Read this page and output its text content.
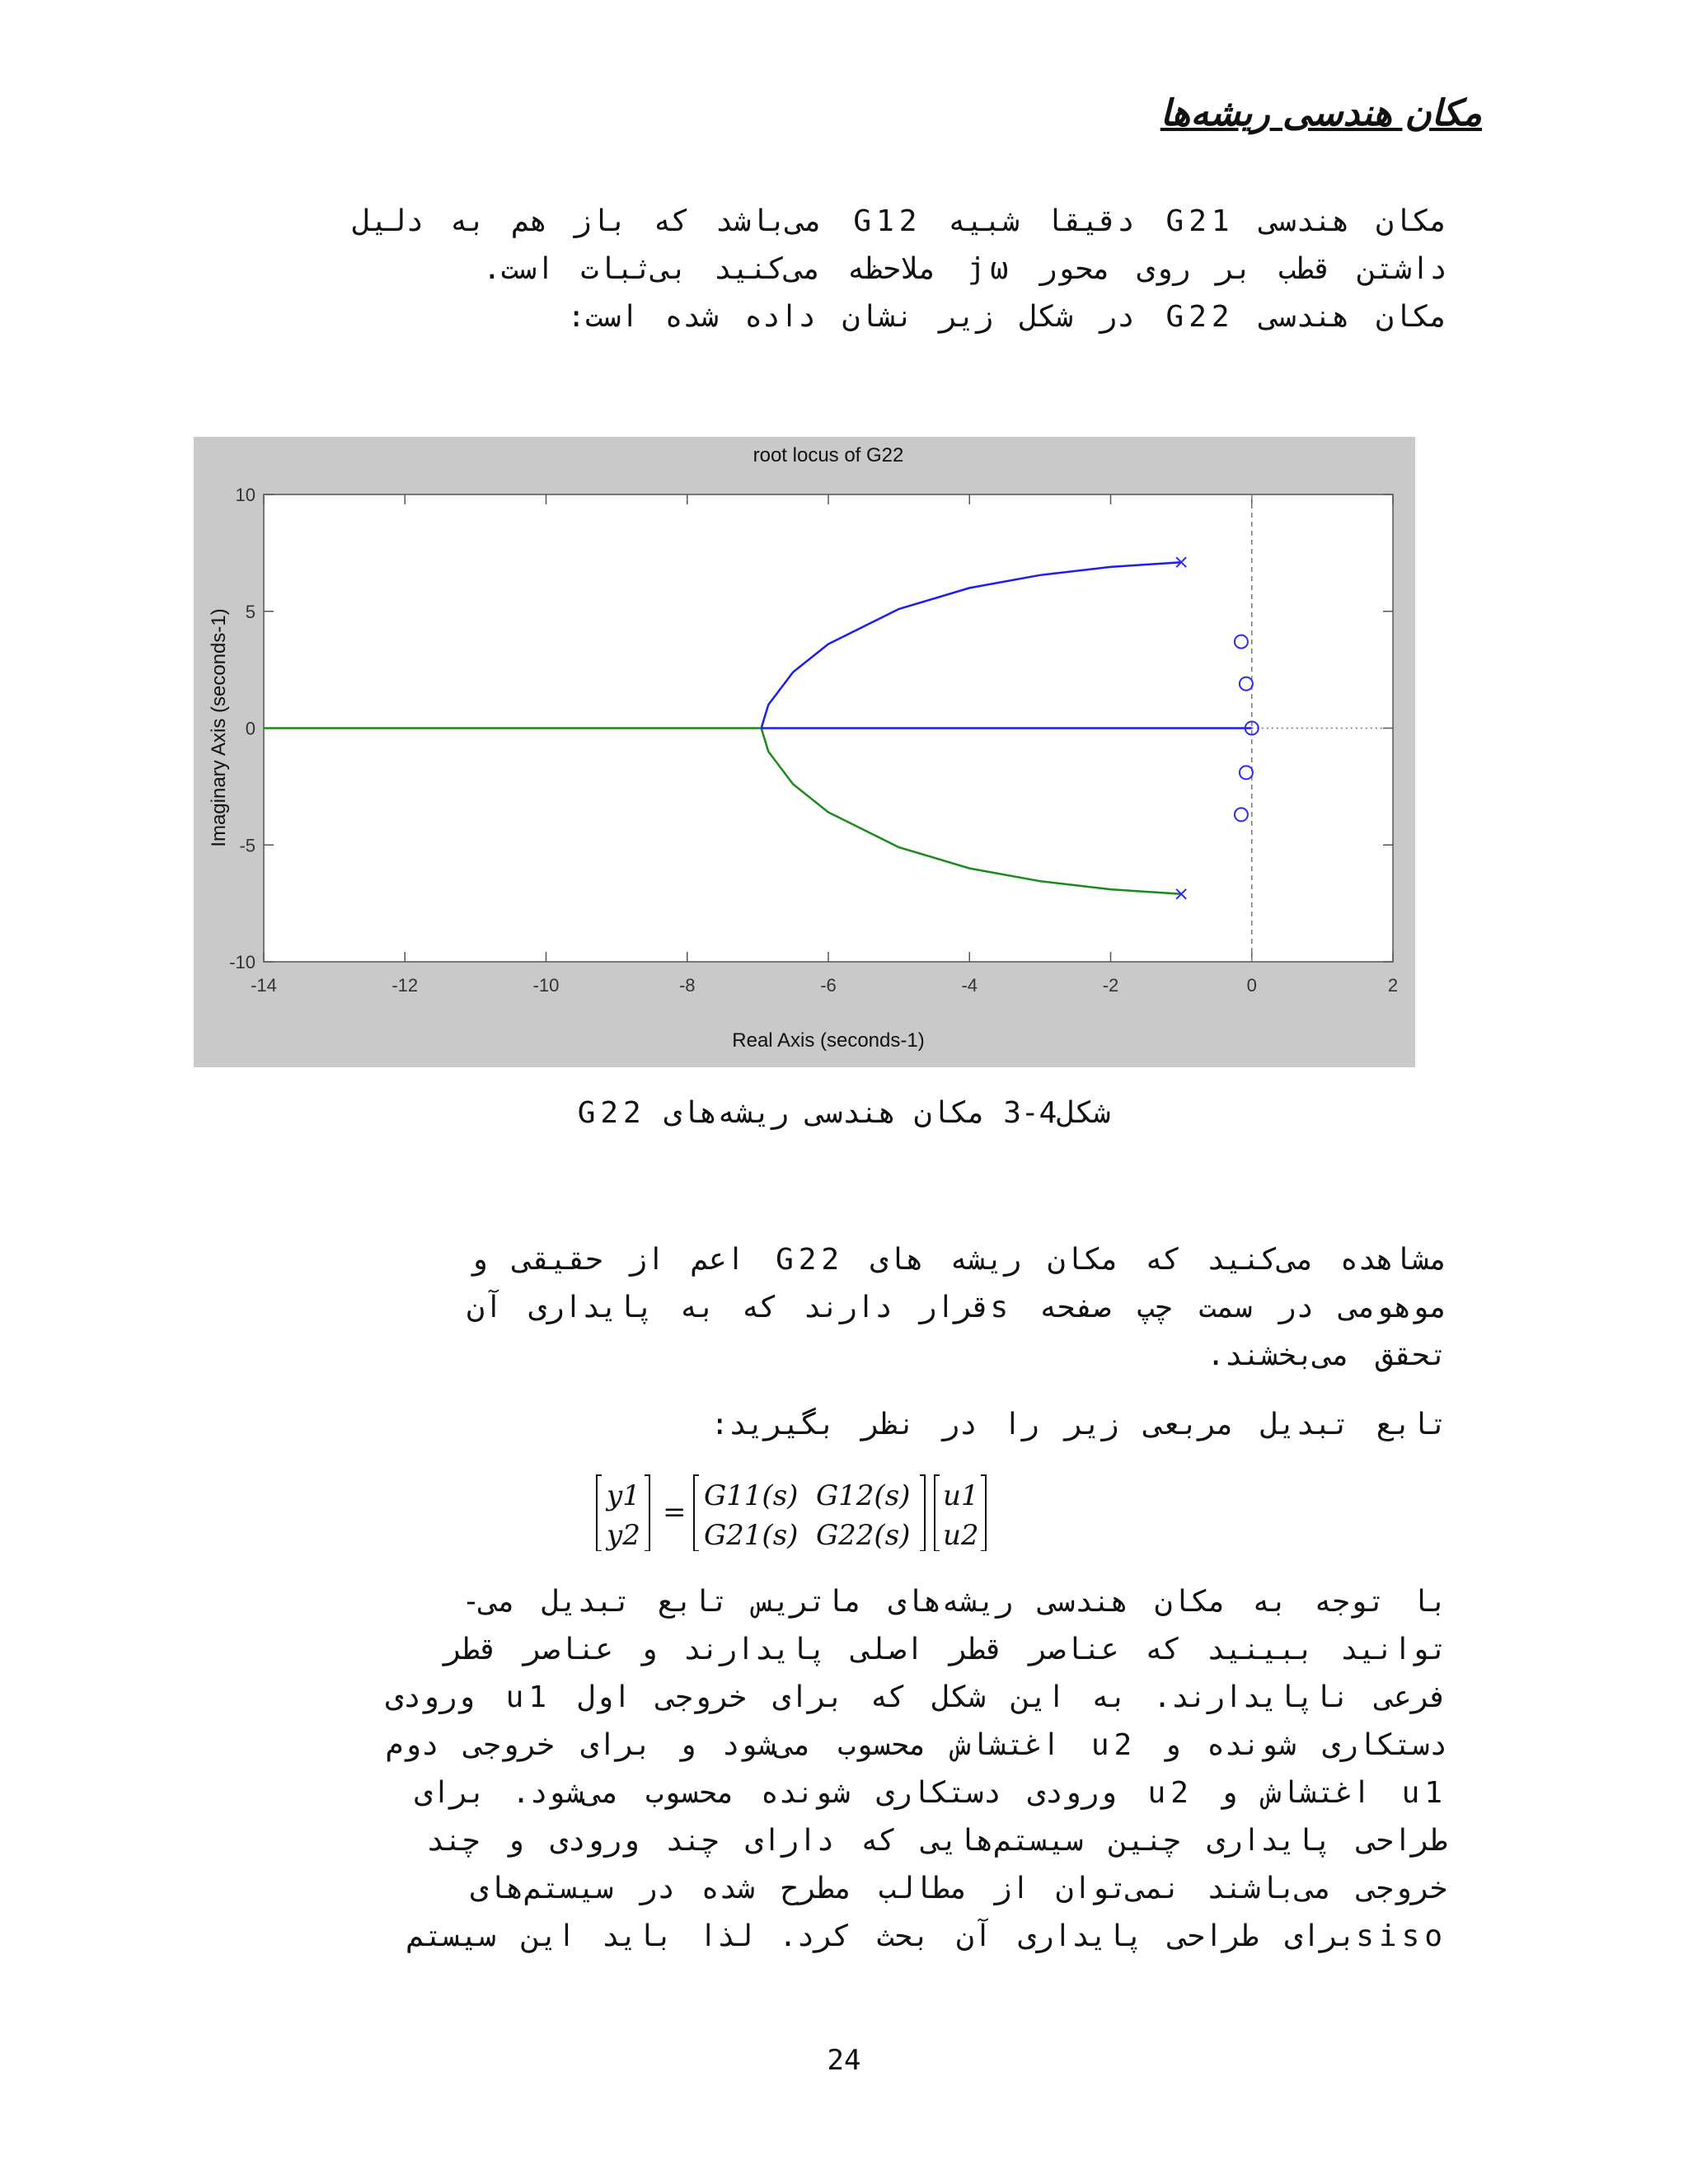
مکان هندسی ریشه‌ها
مکان هندسی G21 دقیقا شبیه G12 می‌باشد که باز هم به دلیل
داشتن قطب بر روی محور jω ملاحظه می‌کنید بی‌ثبات است.
مکان هندسی G22 در شکل زیر نشان داده شده است:
-14	-12	-10	-8	-6	-4	-2	0	2
-10
-5
0
5
10
root locus of G22
Real Axis (seconds-1)
Imaginary Axis (seconds-1)
شکل4-3 مکان هندسی ریشه‌های G22
مشاهده می‌کنید که مکان ریشه های G22 اعم از حقیقی و
موهومی در سمت چپ صفحه sقرار دارند که به پایداری آن
تحقق می‌بخشند.
تابع تبدیل مربعی زیر را در نظر بگیرید:
y1
y2
= G11(s) G12(s)
G21(s) G22(s)
u1
u2
با توجه به مکان هندسی ریشه‌های ماتریس تابع تبدیل می-
توانید ببینید که عناصر قطر اصلی پایدارند و عناصر قطر
فرعی ناپایدارند. به این شکل که برای خروجی اول u1 ورودی
دستکاری شونده و u2 اغتشاش محسوب می‌شود و برای خروجی دوم
u1 اغتشاش و u2 ورودی دستکاری شونده محسوب می‌شود. برای
طراحی پایداری چنین سیستم‌هایی که دارای چند ورودی و چند
خروجی می‌باشند نمی‌توان از مطالب مطرح شده در سیستم‌های
sisoبرای طراحی پایداری آن بحث کرد. لذا باید این سیستم
24
